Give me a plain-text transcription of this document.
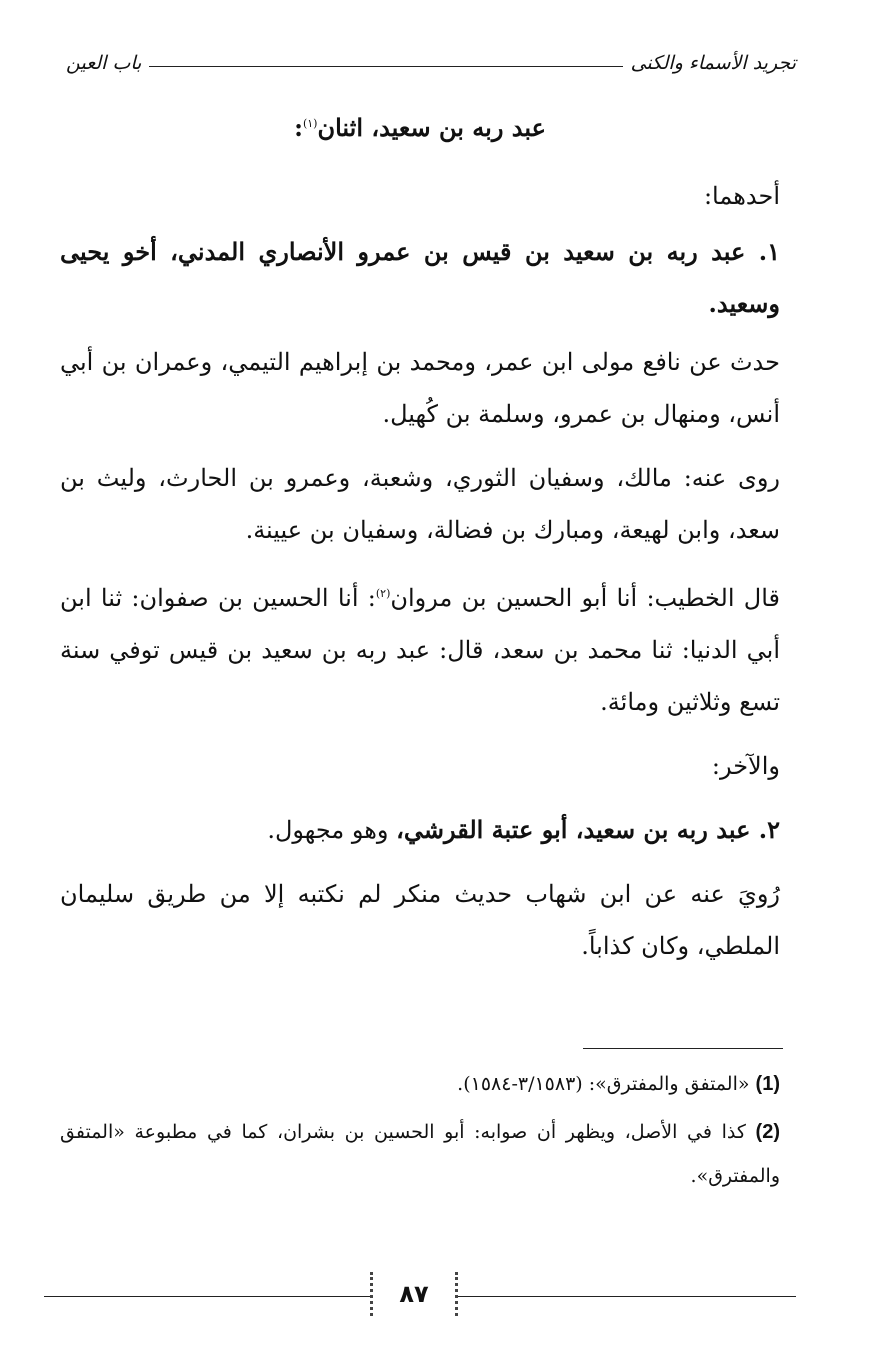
تجريد الأسماء والكنى
باب العين

عبد ربه بن سعيد، اثنان$^{(١)}$:

أحدهما:

١. عبد ربه بن سعيد بن قيس بن عمرو الأنصاري المدني، أخو يحيى وسعيد.

حدث عن نافع مولى ابن عمر، ومحمد بن إبراهيم التيمي، وعمران بن أبي أنس، ومنهال بن عمرو، وسلمة بن كُهيل.

روى عنه: مالك، وسفيان الثوري، وشعبة، وعمرو بن الحارث، وليث بن سعد، وابن لهيعة، ومبارك بن فضالة، وسفيان بن عيينة.

قال الخطيب: أنا أبو الحسين بن مروان$^{(٢)}$: أنا الحسين بن صفوان: ثنا ابن أبي الدنيا: ثنا محمد بن سعد، قال: عبد ربه بن سعيد بن قيس توفي سنة تسع وثلاثين ومائة.

والآخر:

٢. عبد ربه بن سعيد، أبو عتبة القرشي، وهو مجهول.

رُويَ عنه عن ابن شهاب حديث منكر لم نكتبه إلا من طريق سليمان الملطي، وكان كذاباً.

(1) «المتفق والمفترق»: (٣/١٥٨٣-١٥٨٤).

(2) كذا في الأصل، ويظهر أن صوابه: أبو الحسين بن بشران، كما في مطبوعة «المتفق والمفترق».

٨٧
